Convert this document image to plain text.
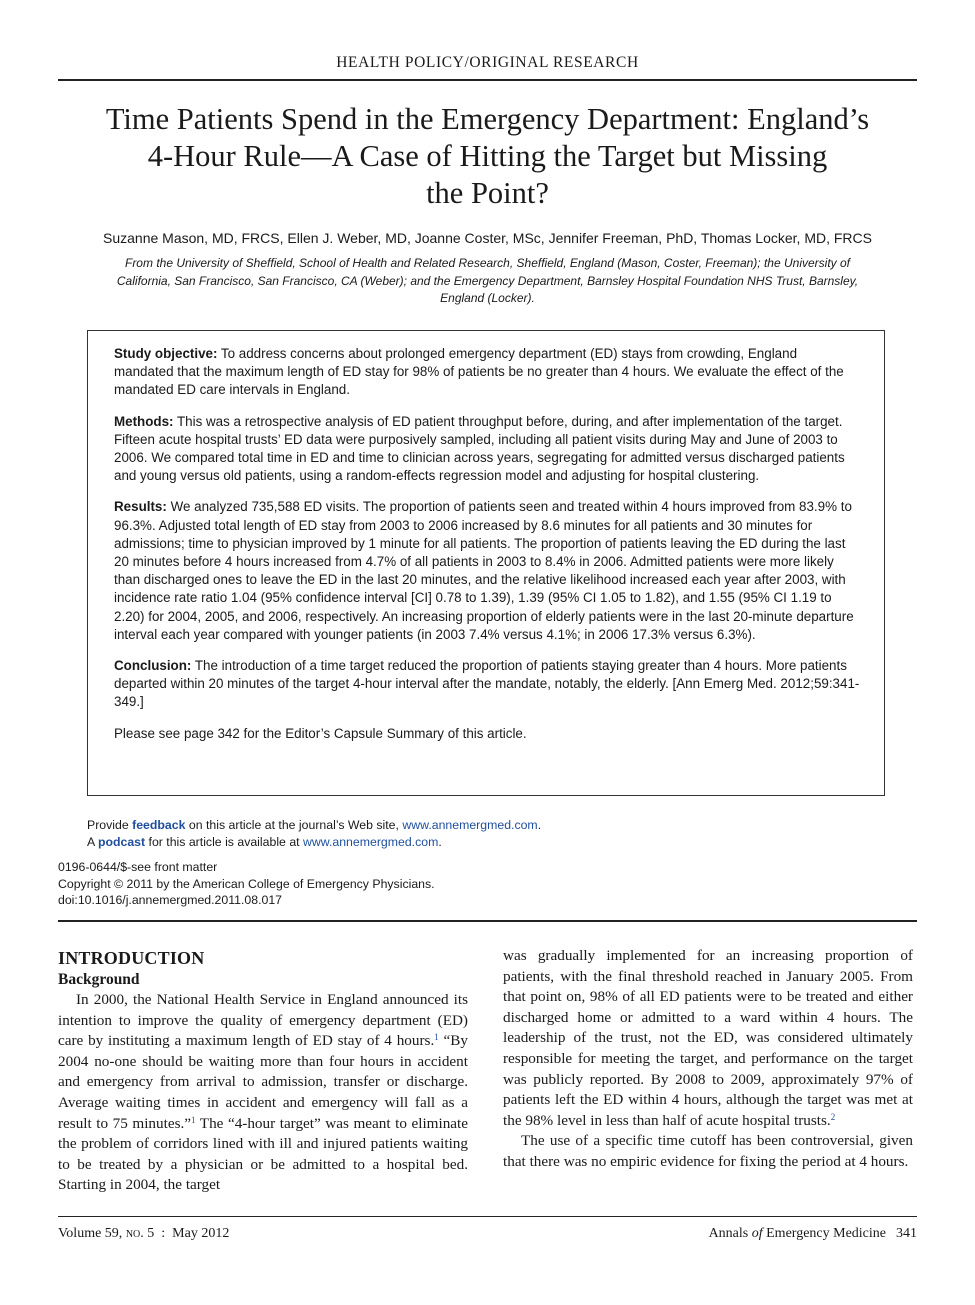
HEALTH POLICY/ORIGINAL RESEARCH
Time Patients Spend in the Emergency Department: England’s
4-Hour Rule—A Case of Hitting the Target but Missing
the Point?
Suzanne Mason, MD, FRCS, Ellen J. Weber, MD, Joanne Coster, MSc, Jennifer Freeman, PhD, Thomas Locker, MD, FRCS
From the University of Sheffield, School of Health and Related Research, Sheffield, England (Mason, Coster, Freeman); the University of
California, San Francisco, San Francisco, CA (Weber); and the Emergency Department, Barnsley Hospital Foundation NHS Trust, Barnsley,
England (Locker).

Study objective: To address concerns about prolonged emergency department (ED) stays from crowding, England mandated that the maximum length of ED stay for 98% of patients be no greater than 4 hours. We evaluate the effect of the mandated ED care intervals in England.

Methods: This was a retrospective analysis of ED patient throughput before, during, and after implementation of the target. Fifteen acute hospital trusts’ ED data were purposively sampled, including all patient visits during May and June of 2003 to 2006. We compared total time in ED and time to clinician across years, segregating for admitted versus discharged patients and young versus old patients, using a random-effects regression model and adjusting for hospital clustering.

Results: We analyzed 735,588 ED visits. The proportion of patients seen and treated within 4 hours improved from 83.9% to 96.3%. Adjusted total length of ED stay from 2003 to 2006 increased by 8.6 minutes for all patients and 30 minutes for admissions; time to physician improved by 1 minute for all patients. The proportion of patients leaving the ED during the last 20 minutes before 4 hours increased from 4.7% of all patients in 2003 to 8.4% in 2006. Admitted patients were more likely than discharged ones to leave the ED in the last 20 minutes, and the relative likelihood increased each year after 2003, with incidence rate ratio 1.04 (95% confidence interval [CI] 0.78 to 1.39), 1.39 (95% CI 1.05 to 1.82), and 1.55 (95% CI 1.19 to 2.20) for 2004, 2005, and 2006, respectively. An increasing proportion of elderly patients were in the last 20-minute departure interval each year compared with younger patients (in 2003 7.4% versus 4.1%; in 2006 17.3% versus 6.3%).

Conclusion: The introduction of a time target reduced the proportion of patients staying greater than 4 hours. More patients departed within 20 minutes of the target 4-hour interval after the mandate, notably, the elderly. [Ann Emerg Med. 2012;59:341-349.]

Please see page 342 for the Editor’s Capsule Summary of this article.

Provide feedback on this article at the journal’s Web site, www.annemergmed.com.
A podcast for this article is available at www.annemergmed.com.
0196-0644/$-see front matter
Copyright © 2011 by the American College of Emergency Physicians.
doi:10.1016/j.annemergmed.2011.08.017
INTRODUCTION
Background

In 2000, the National Health Service in England announced its intention to improve the quality of emergency department (ED) care by instituting a maximum length of ED stay of 4 hours.$^1$ “By 2004 no-one should be waiting more than four hours in accident and emergency from arrival to admission, transfer or discharge. Average waiting times in accident and emergency will fall as a result to 75 minutes.”$^1$ The “4-hour target” was meant to eliminate the problem of corridors lined with ill and injured patients waiting to be treated by a physician or be admitted to a hospital bed. Starting in 2004, the target

was gradually implemented for an increasing proportion of patients, with the final threshold reached in January 2005. From that point on, 98% of all ED patients were to be treated and either discharged home or admitted to a ward within 4 hours. The leadership of the trust, not the ED, was considered ultimately responsible for meeting the target, and performance on the target was publicly reported. By 2008 to 2009, approximately 97% of patients left the ED within 4 hours, although the target was met at the 98% level in less than half of acute hospital trusts.$^2$

The use of a specific time cutoff has been controversial, given that there was no empiric evidence for fixing the period at 4 hours.

Volume 59, no. 5  :  May 2012	Annals of Emergency Medicine 341
